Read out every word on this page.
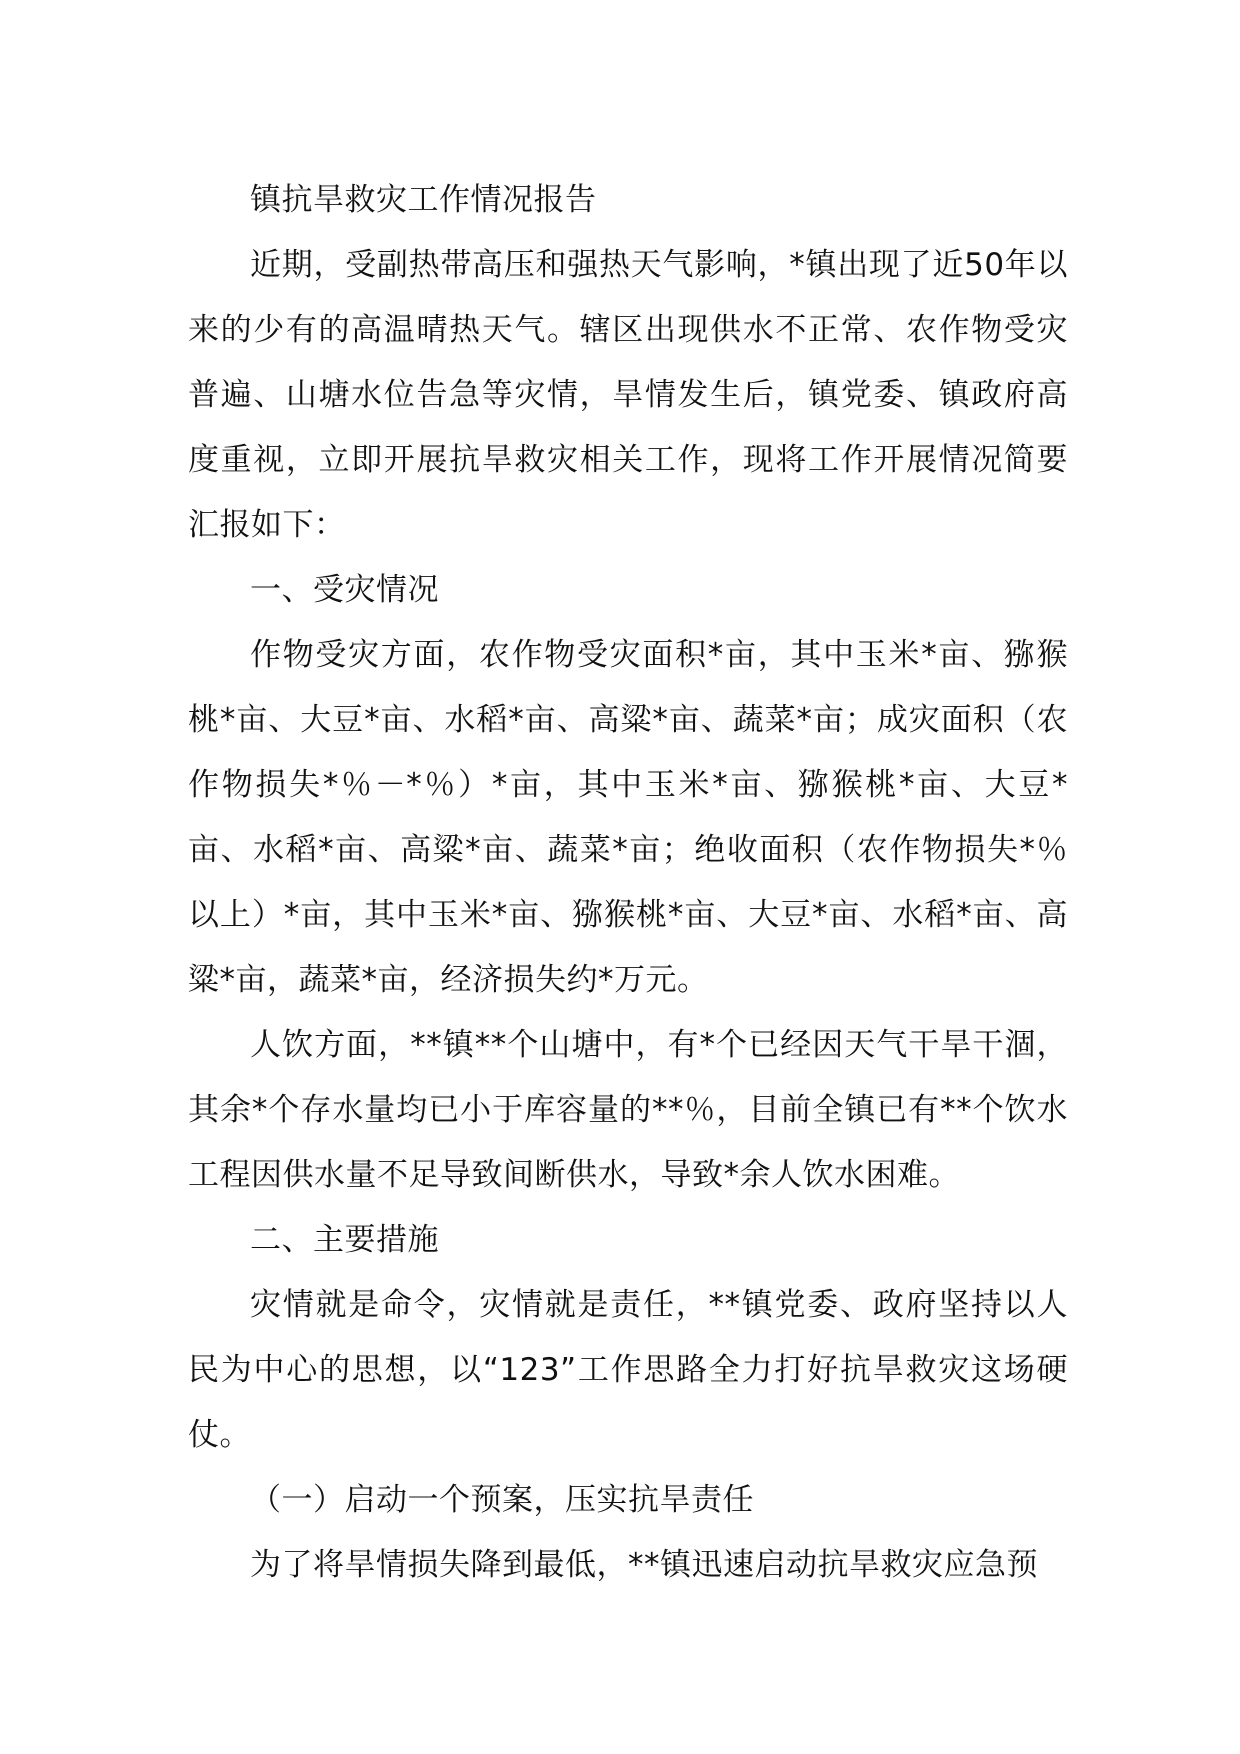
镇抗旱救灾工作情况报告

近期，受副热带高压和强热天气影响，*镇出现了近50年以来的少有的高温晴热天气。辖区出现供水不正常、农作物受灾普遍、山塘水位告急等灾情，旱情发生后，镇党委、镇政府高度重视，立即开展抗旱救灾相关工作，现将工作开展情况简要汇报如下：

一、受灾情况

作物受灾方面，农作物受灾面积*亩，其中玉米*亩、猕猴桃*亩、大豆*亩、水稻*亩、高粱*亩、蔬菜*亩；成灾面积（农作物损失*％－*％）*亩，其中玉米*亩、猕猴桃*亩、大豆*亩、水稻*亩、高粱*亩、蔬菜*亩；绝收面积（农作物损失*％以上）*亩，其中玉米*亩、猕猴桃*亩、大豆*亩、水稻*亩、高粱*亩，蔬菜*亩，经济损失约*万元。

人饮方面，**镇**个山塘中，有*个已经因天气干旱干涸，其余*个存水量均已小于库容量的**％，目前全镇已有**个饮水工程因供水量不足导致间断供水，导致*余人饮水困难。

二、主要措施

灾情就是命令，灾情就是责任，**镇党委、政府坚持以人民为中心的思想，以“123”工作思路全力打好抗旱救灾这场硬仗。

（一）启动一个预案，压实抗旱责任

为了将旱情损失降到最低，**镇迅速启动抗旱救灾应急预
